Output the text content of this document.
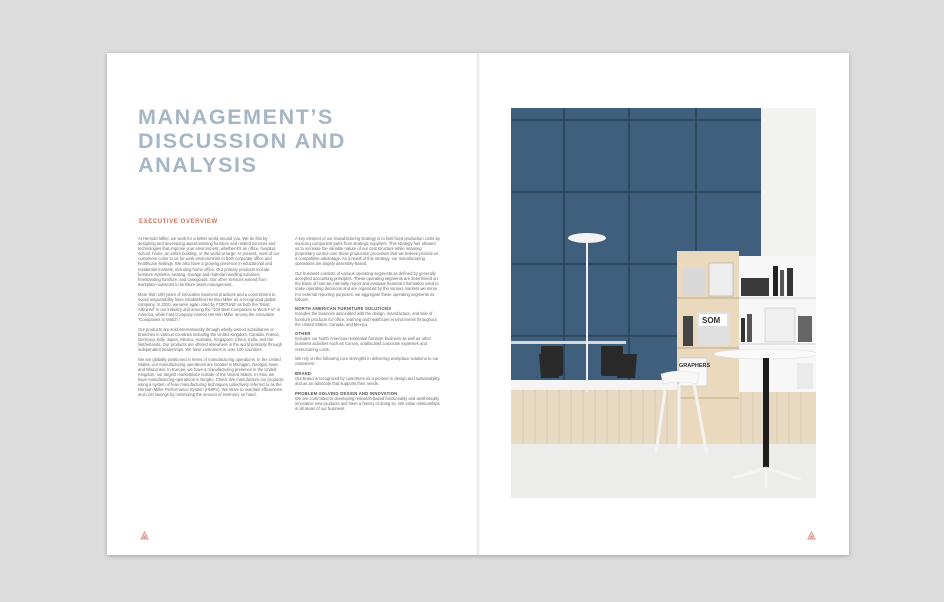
MANAGEMENT’S
DISCUSSION AND
ANALYSIS
EXECUTIVE OVERVIEW

At Herman Miller, we work for a better world around you. We do this by designing and developing award-winning furniture and related services and technologies that improve your environment, whether it’s an office, hospital, school, home, an entire building, or the world at large. At present, most of our customers come to us for work environments in both corporate office and healthcare settings. We also have a growing presence in educational and residential markets, including home office. Our primary products include furniture systems, seating, storage and material handling solutions, freestanding furniture, and casegoods. Our other services extend from workplace solutions to furniture asset management.

More than 100 years of innovative business practices and a commitment to social responsibility have established Herman Miller as a recognized global company. In 2010, we were again cited by FORTUNE as both the “Most Admired” in our industry and among the “100 Best Companies to Work For” in America, while Fast Company named Herman Miller among the innovative “Companies to Watch.”

Our products are sold internationally through wholly-owned subsidiaries or branches in various countries including the United Kingdom, Canada, France, Germany, Italy, Japan, Mexico, Australia, Singapore, China, India, and the Netherlands. Our products are offered elsewhere in the world primarily through independent dealerships. We have customers in over 100 countries.

We are globally positioned in terms of manufacturing operations. In the United States, our manufacturing operations are located in Michigan, Georgia, Iowa and Wisconsin. In Europe, we have a manufacturing presence in the United Kingdom, our largest marketplace outside of the United States. In Asia, we have manufacturing operations in Ningbo, China. We manufacture our products using a system of lean manufacturing techniques collectively referred to as the Herman Miller Performance System (HMPS). We strive to maintain efficiencies and cost savings by minimizing the amount of inventory on hand.

A key element of our manufacturing strategy is to limit fixed production costs by sourcing component parts from strategic suppliers. This strategy has allowed us to increase the variable nature of our cost structure while retaining proprietary control over those production processes that we believe provide us a competitive advantage. As a result of this strategy, our manufacturing operations are largely assembly-based.

Our business consists of various operating segments as defined by generally accepted accounting principles. These operating segments are determined on the basis of how we internally report and evaluate financial information used to make operating decisions and are organized by the various markets we serve. For external reporting purposes, we aggregate these operating segments as follows:

NORTH AMERICAN FURNITURE SOLUTIONS

Includes the business associated with the design, manufacture, and sale of furniture products for office, learning and healthcare environments throughout the United States, Canada, and Mexico.

OTHER

Includes our North American residential furniture business as well as other business activities such as Convia, unallocated corporate expenses and restructuring costs.

We rely on the following core strengths in delivering workplace solutions to our customers:

BRAND

Our brand is recognized by customers as a pioneer in design and sustainability, and as an advocate that supports their needs.

PROBLEM-SOLVING DESIGN AND INNOVATION

We are committed to developing research-based functionality and aesthetically innovative new products and have a history of doing so. We value relationships in all areas of our business.

SOM
GRAPHERS
